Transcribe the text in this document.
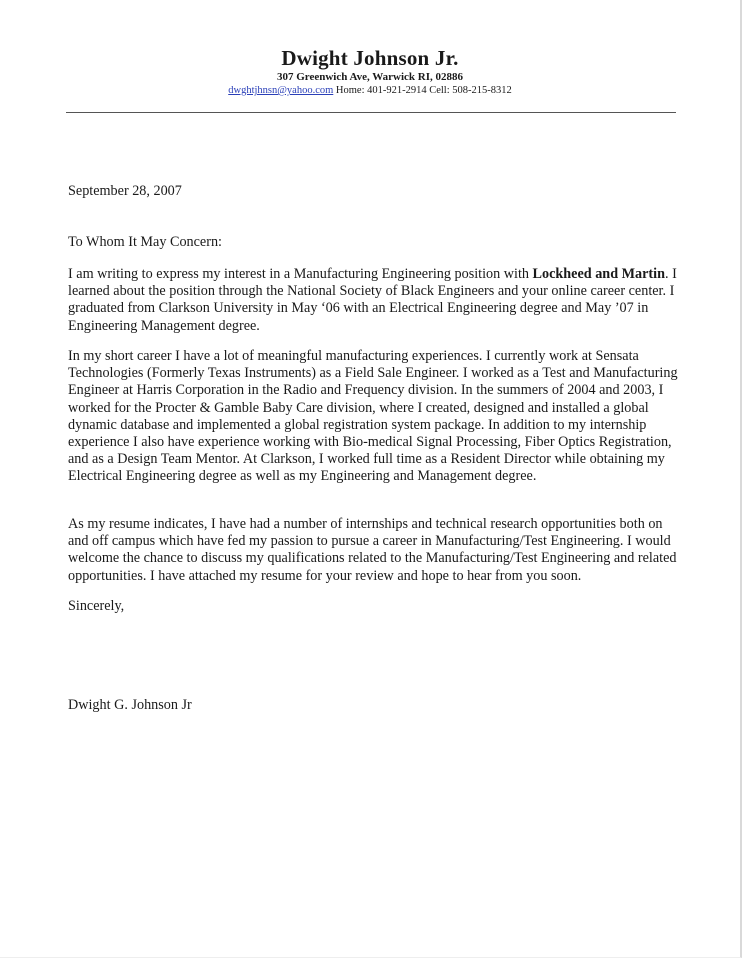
Dwight Johnson Jr.
307 Greenwich Ave, Warwick RI, 02886
dwghtjhnsn@yahoo.com Home: 401-921-2914 Cell: 508-215-8312
September 28, 2007
To Whom It May Concern:

I am writing to express my interest in a Manufacturing Engineering position with Lockheed and Martin. I learned about the position through the National Society of Black Engineers and your online career center. I graduated from Clarkson University in May ‘06 with an Electrical Engineering degree and May ’07 in Engineering Management degree.

In my short career I have a lot of meaningful manufacturing experiences. I currently work at Sensata Technologies (Formerly Texas Instruments) as a Field Sale Engineer. I worked as a Test and Manufacturing Engineer at Harris Corporation in the Radio and Frequency division. In the summers of 2004 and 2003, I worked for the Procter & Gamble Baby Care division, where I created, designed and installed a global dynamic database and implemented a global registration system package. In addition to my internship experience I also have experience working with Bio-medical Signal Processing, Fiber Optics Registration, and as a Design Team Mentor. At Clarkson, I worked full time as a Resident Director while obtaining my Electrical Engineering degree as well as my Engineering and Management degree.

As my resume indicates, I have had a number of internships and technical research opportunities both on and off campus which have fed my passion to pursue a career in Manufacturing/Test Engineering. I would welcome the chance to discuss my qualifications related to the Manufacturing/Test Engineering and related opportunities. I have attached my resume for your review and hope to hear from you soon.

Sincerely,
Dwight G. Johnson Jr
